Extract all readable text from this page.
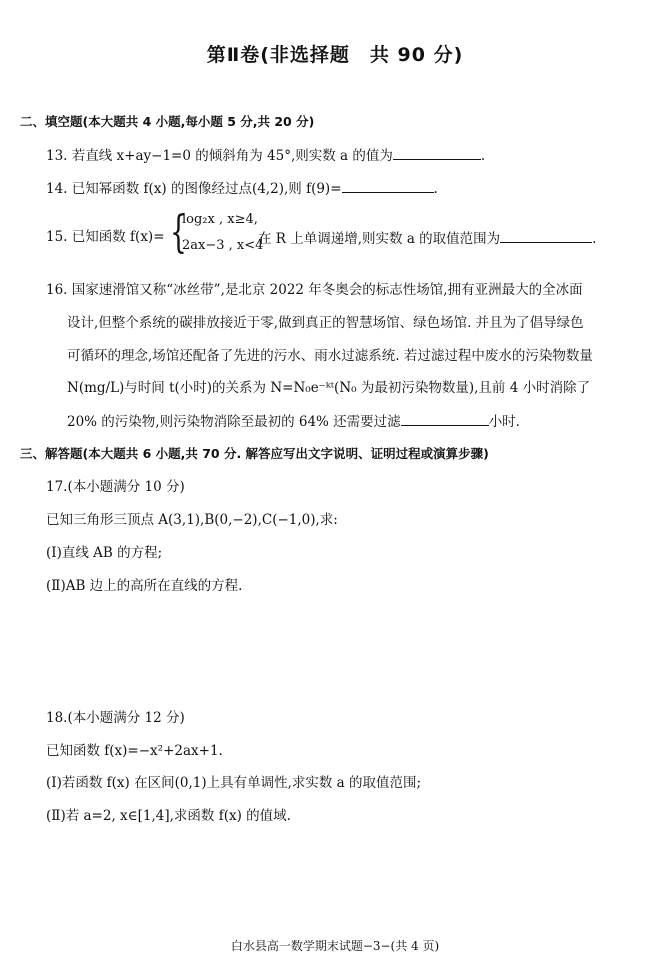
第Ⅱ卷(非选择题　共 90 分)
二、填空题(本大题共 4 小题,每小题 5 分,共 20 分)
13. 若直线 x+ay−1=0 的倾斜角为 45°,则实数 a 的值为	.
14. 已知幂函数 f(x) 的图像经过点(4,2),则 f(9)=	.
15. 已知函数 f(x)= {
log₂x , x≥4,
2ax−3 , x<4
在 R 上单调递增,则实数 a 的取值范围为	.
16. 国家速滑馆又称“冰丝带”,是北京 2022 年冬奥会的标志性场馆,拥有亚洲最大的全冰面
设计,但整个系统的碳排放接近于零,做到真正的智慧场馆、绿色场馆. 并且为了倡导绿色
可循环的理念,场馆还配备了先进的污水、雨水过滤系统. 若过滤过程中废水的污染物数量
N(mg/L)与时间 t(小时)的关系为 N=N₀e⁻ᵏᵗ(N₀ 为最初污染物数量),且前 4 小时消除了
20% 的污染物,则污染物消除至最初的 64% 还需要过滤	小时.
三、解答题(本大题共 6 小题,共 70 分. 解答应写出文字说明、证明过程或演算步骤)
17.(本小题满分 10 分)
已知三角形三顶点 A(3,1),B(0,−2),C(−1,0),求:
(Ⅰ)直线 AB 的方程;
(Ⅱ)AB 边上的高所在直线的方程.
18.(本小题满分 12 分)
已知函数 f(x)=−x²+2ax+1.
(Ⅰ)若函数 f(x) 在区间(0,1)上具有单调性,求实数 a 的取值范围;
(Ⅱ)若 a=2, x∈[1,4],求函数 f(x) 的值域.
白水县高一数学期末试题−3−(共 4 页)
